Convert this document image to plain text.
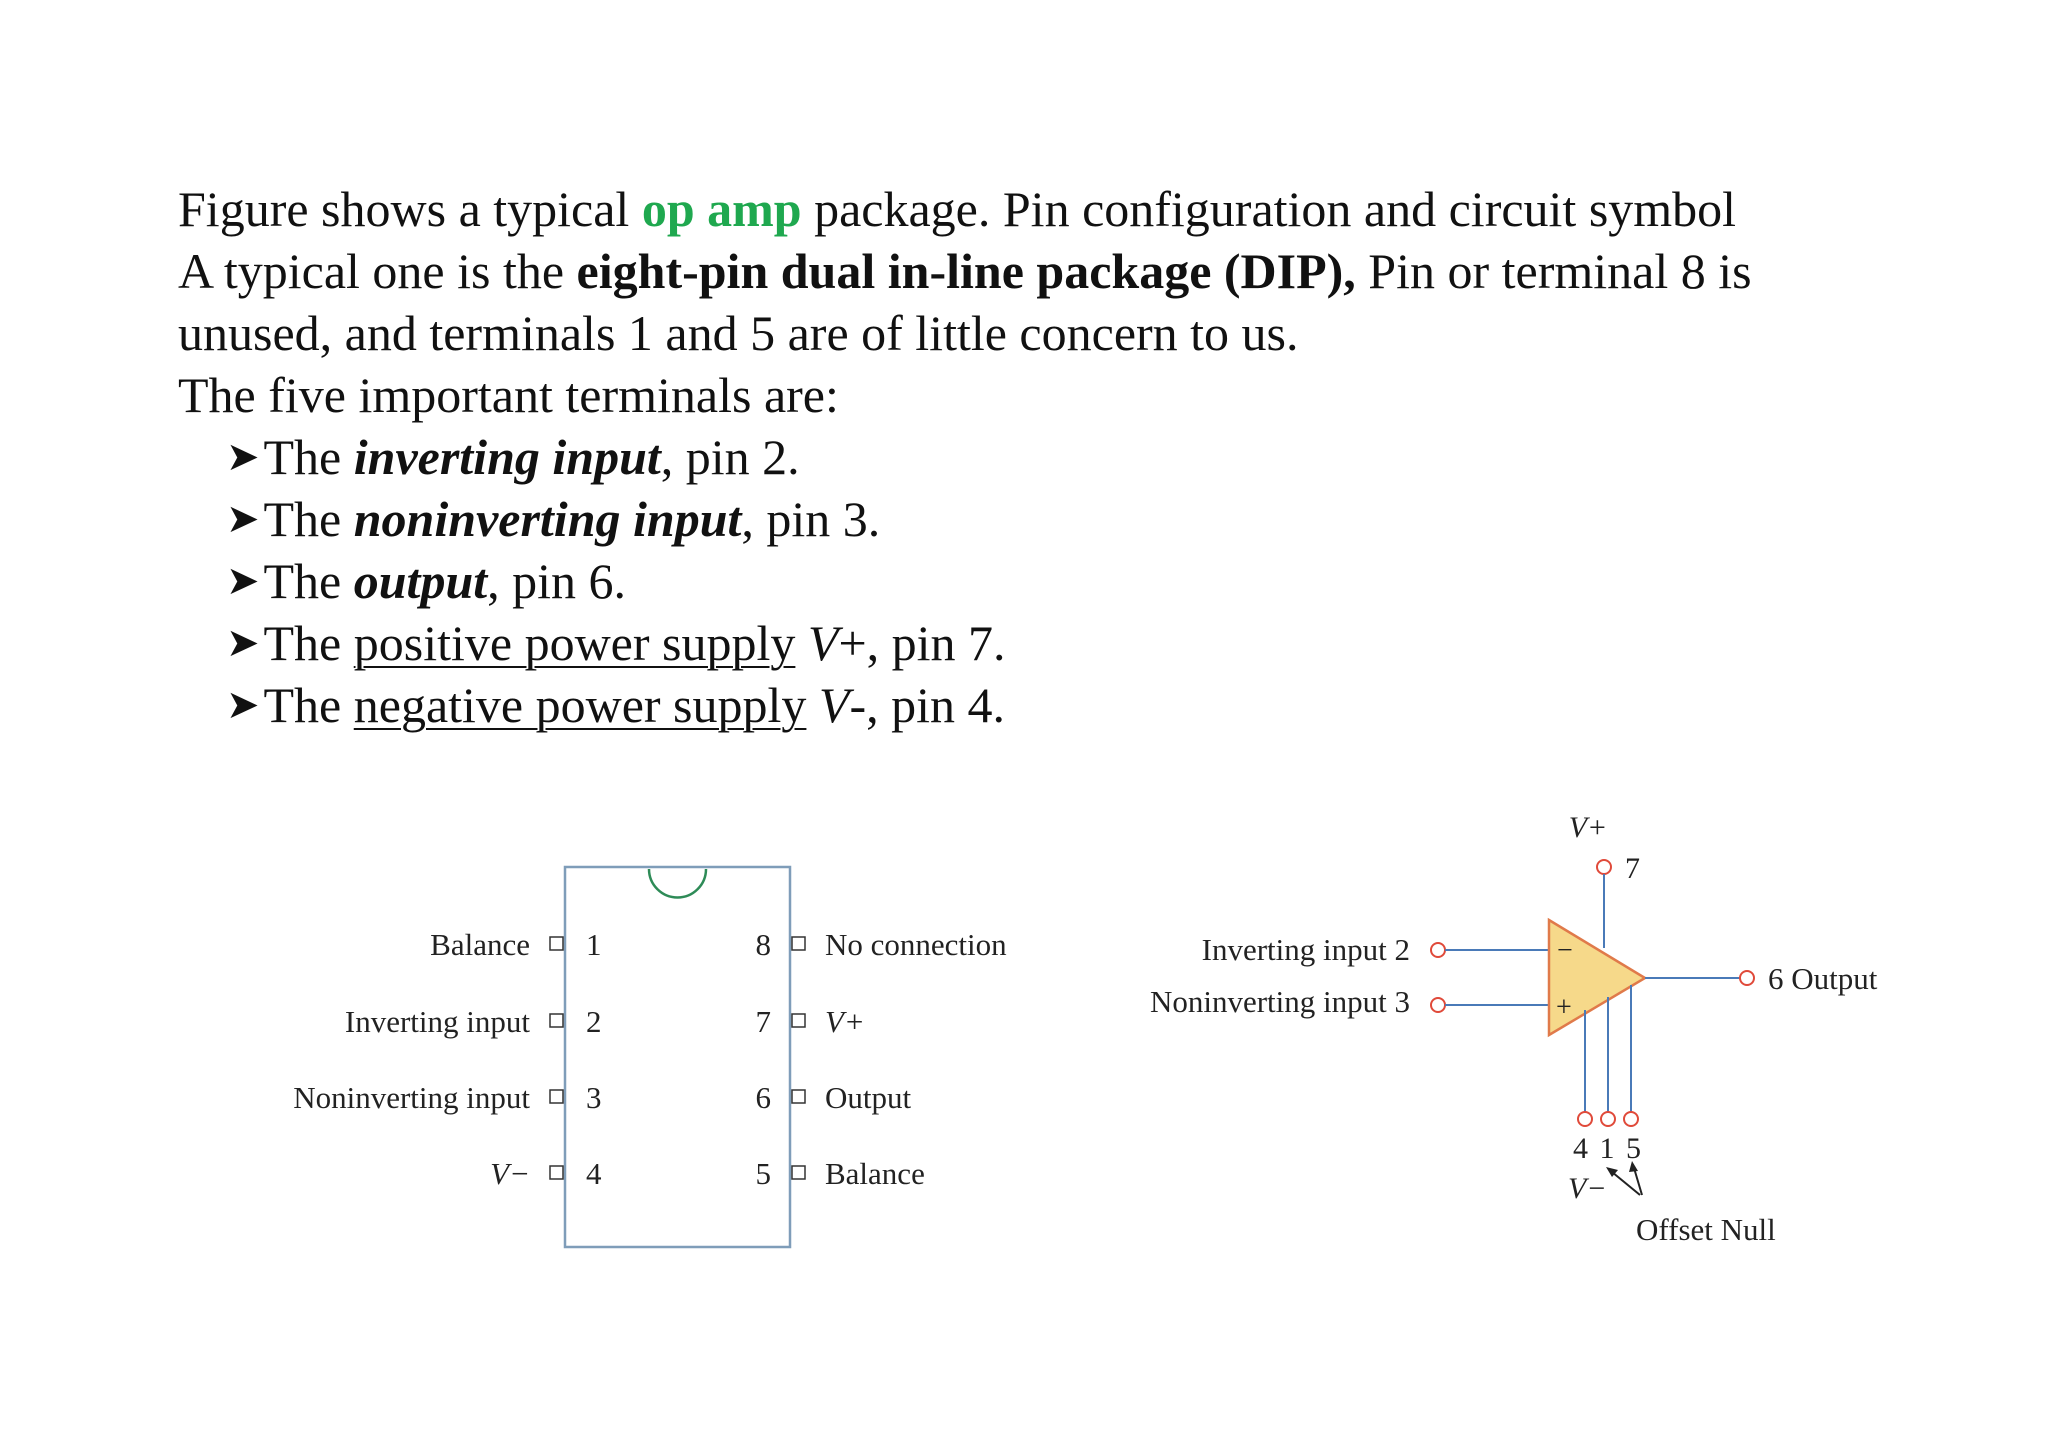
Figure shows a typical op amp package. Pin configuration and circuit symbol
A typical one is the eight-pin dual in-line package (DIP), Pin or terminal 8 is
unused, and terminals 1 and 5 are of little concern to us.
The five important terminals are:
➤The inverting input, pin 2.
➤The noninverting input, pin 3.
➤The output, pin 6.
➤The positive power supply V+, pin 7.
➤The negative power supply V-, pin 4.
Balance
Inverting input
Noninverting input
V−
1
2
3
4
8
7
6
5
No connection
V+
Output
Balance
V+
7
Inverting input 2
Noninverting input 3
−
+
6 Output
4 1 5
V−
Offset Null
